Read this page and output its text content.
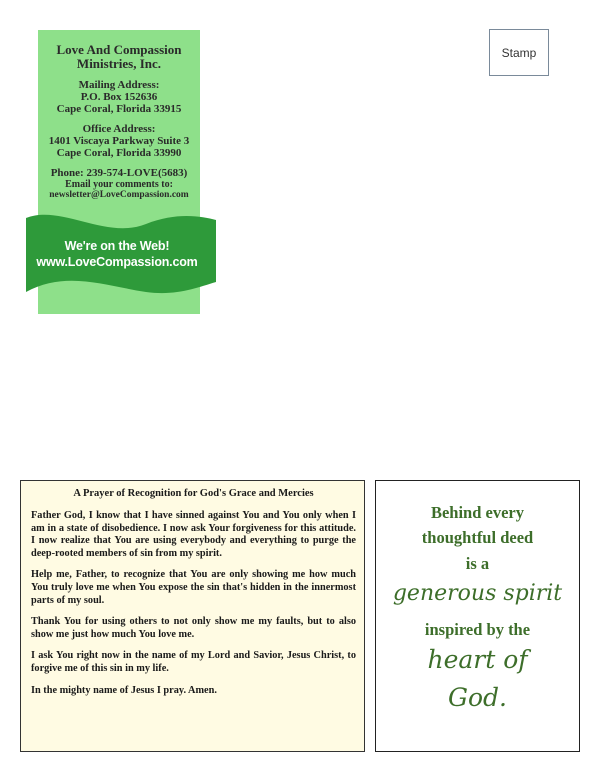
Love And Compassion
Ministries, Inc.
Mailing Address:
P.O. Box 152636
Cape Coral, Florida 33915
Office Address:
1401 Viscaya Parkway Suite 3
Cape Coral, Florida 33990
Phone: 239-574-LOVE(5683)
Email your comments to:
newsletter@LoveCompassion.com
We're on the Web!
www.LoveCompassion.com
Stamp
A Prayer of Recognition for God's Grace and Mercies

Father God, I know that I have sinned against You and You only when I am in a state of disobedience. I now ask Your forgiveness for this attitude. I now realize that You are using everybody and everything to purge the deep-rooted members of sin from my spirit.

Help me, Father, to recognize that You are only showing me how much You truly love me when You expose the sin that's hidden in the innermost parts of my soul.

Thank You for using others to not only show me my faults, but to also show me just how much You love me.

I ask You right now in the name of my Lord and Savior, Jesus Christ, to forgive me of this sin in my life.

In the mighty name of Jesus I pray. Amen.

Behind every
thoughtful deed
is a
generous spirit
inspired by the
heart of
God.
